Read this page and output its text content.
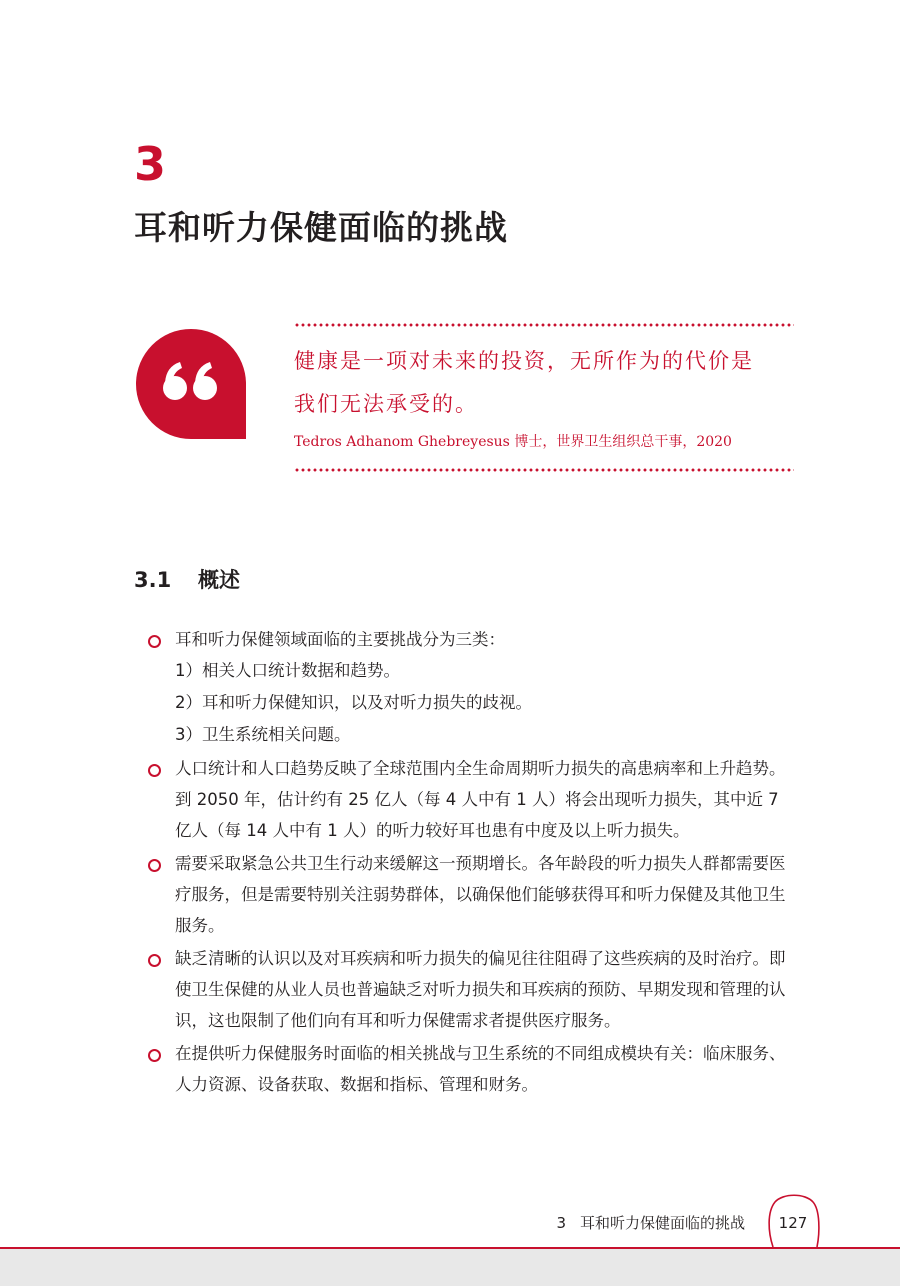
3
耳和听力保健面临的挑战
健康是一项对未来的投资，无所作为的代价是
我们无法承受的。
Tedros Adhanom Ghebreyesus 博士，世界卫生组织总干事，2020
3.1 概述
耳和听力保健领域面临的主要挑战分为三类：
1）相关人口统计数据和趋势。
2）耳和听力保健知识，以及对听力损失的歧视。
3）卫生系统相关问题。
人口统计和人口趋势反映了全球范围内全生命周期听力损失的高患病率和上升趋势。到 2050 年，估计约有 25 亿人（每 4 人中有 1 人）将会出现听力损失，其中近 7 亿人（每 14 人中有 1 人）的听力较好耳也患有中度及以上听力损失。
需要采取紧急公共卫生行动来缓解这一预期增长。各年龄段的听力损失人群都需要医疗服务，但是需要特别关注弱势群体，以确保他们能够获得耳和听力保健及其他卫生服务。
缺乏清晰的认识以及对耳疾病和听力损失的偏见往往阻碍了这些疾病的及时治疗。即使卫生保健的从业人员也普遍缺乏对听力损失和耳疾病的预防、早期发现和管理的认识，这也限制了他们向有耳和听力保健需求者提供医疗服务。
在提供听力保健服务时面临的相关挑战与卫生系统的不同组成模块有关：临床服务、人力资源、设备获取、数据和指标、管理和财务。
3 耳和听力保健面临的挑战	127
